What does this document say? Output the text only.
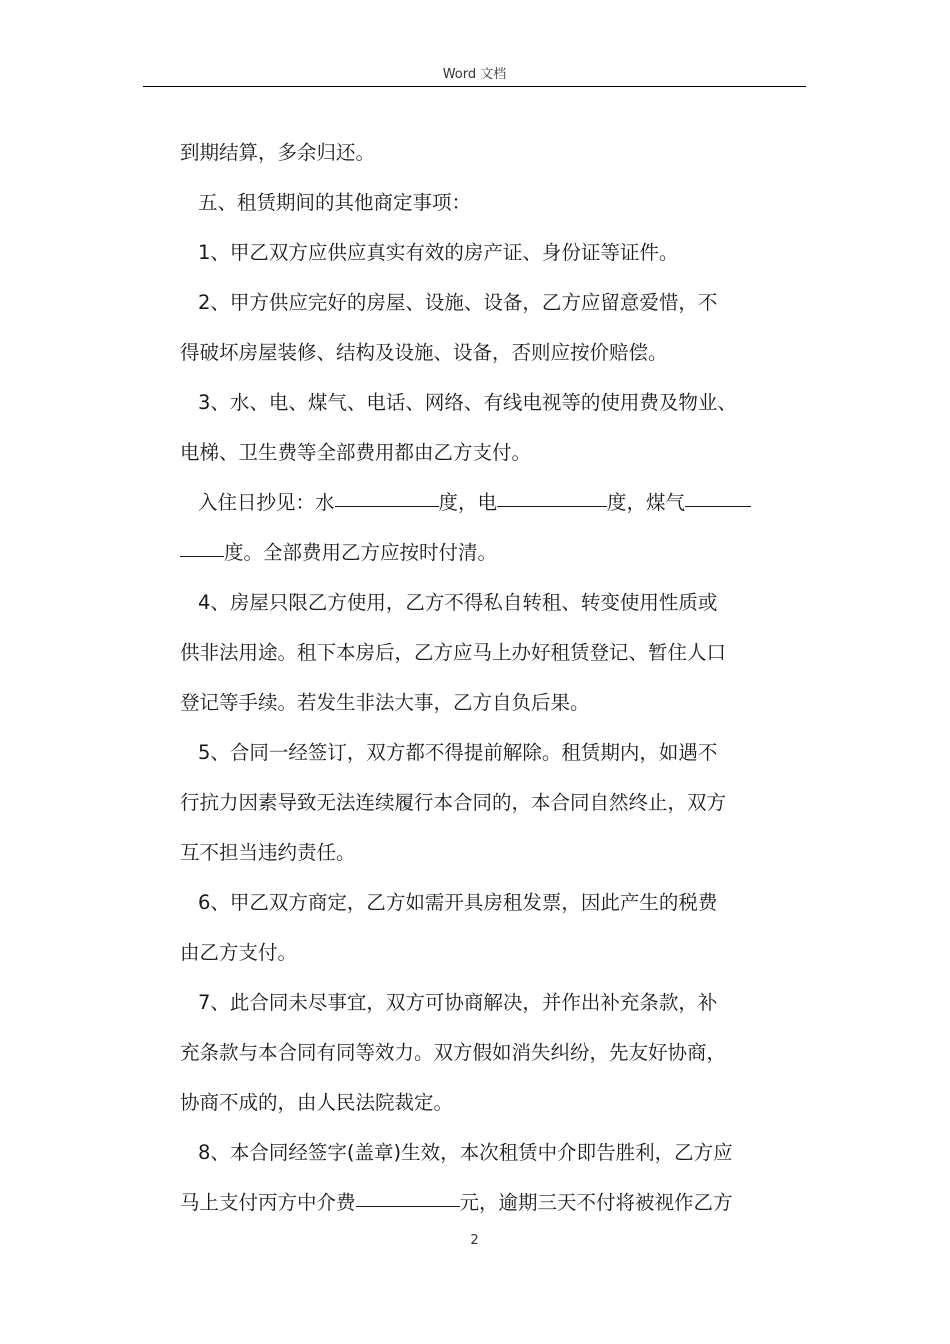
Word 文档
到期结算，多余归还。
五、租赁期间的其他商定事项：
1、甲乙双方应供应真实有效的房产证、身份证等证件。
2、甲方供应完好的房屋、设施、设备，乙方应留意爱惜，不
得破坏房屋装修、结构及设施、设备，否则应按价赔偿。
3、水、电、煤气、电话、网络、有线电视等的使用费及物业、
电梯、卫生费等全部费用都由乙方支付。
入住日抄见：水	度，电	度，煤气
度。全部费用乙方应按时付清。
4、房屋只限乙方使用，乙方不得私自转租、转变使用性质或
供非法用途。租下本房后，乙方应马上办好租赁登记、暂住人口
登记等手续。若发生非法大事，乙方自负后果。
5、合同一经签订，双方都不得提前解除。租赁期内，如遇不
行抗力因素导致无法连续履行本合同的，本合同自然终止，双方
互不担当违约责任。
6、甲乙双方商定，乙方如需开具房租发票，因此产生的税费
由乙方支付。
7、此合同未尽事宜，双方可协商解决，并作出补充条款，补
充条款与本合同有同等效力。双方假如消失纠纷，先友好协商，
协商不成的，由人民法院裁定。
8、本合同经签字(盖章)生效，本次租赁中介即告胜利，乙方应
马上支付丙方中介费	元，逾期三天不付将被视作乙方
2
